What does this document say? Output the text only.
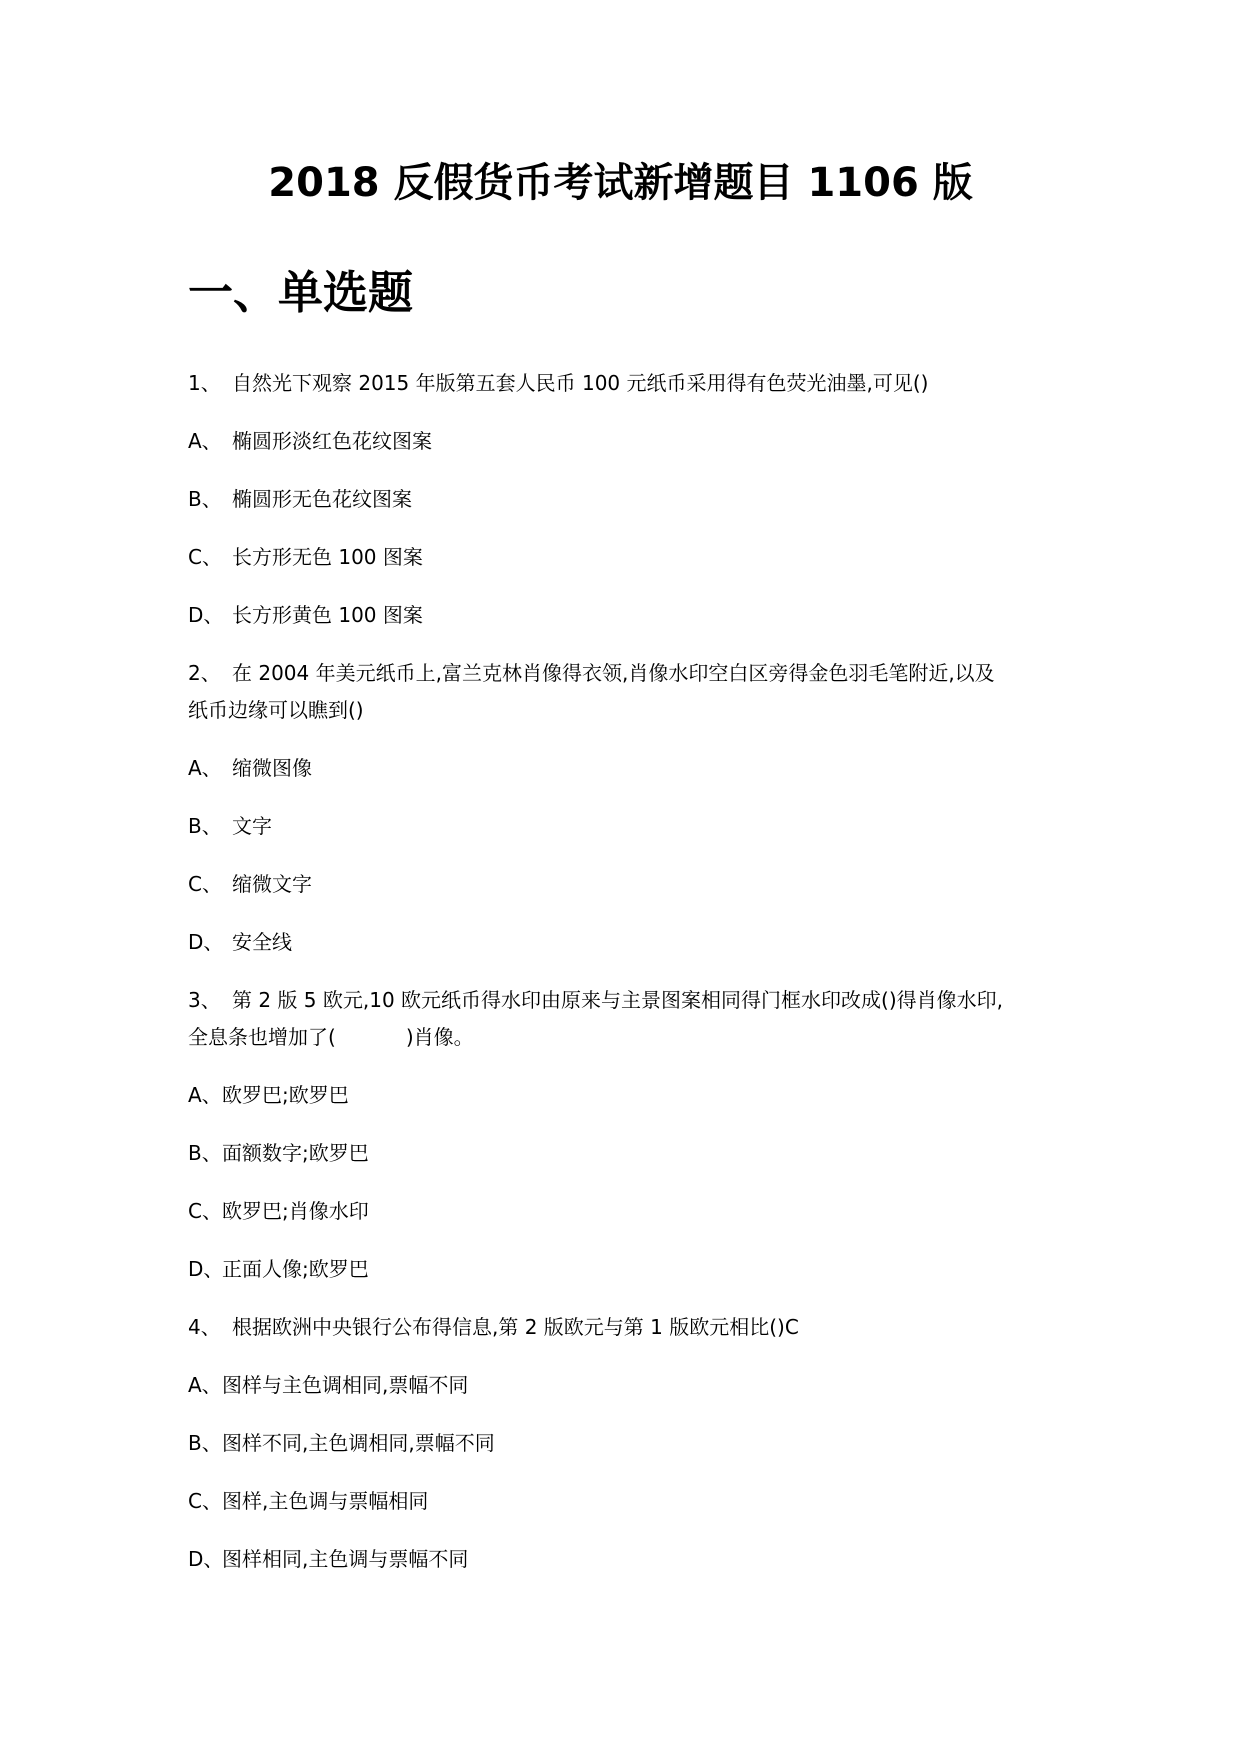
2018 反假货币考试新增题目 1106 版
一、单选题
1、 自然光下观察 2015 年版第五套人民币 100 元纸币采用得有色荧光油墨,可见()
A、 椭圆形淡红色花纹图案
B、 椭圆形无色花纹图案
C、 长方形无色 100 图案
D、 长方形黄色 100 图案
2、 在 2004 年美元纸币上,富兰克林肖像得衣领,肖像水印空白区旁得金色羽毛笔附近,以及
纸币边缘可以瞧到()
A、 缩微图像
B、 文字
C、 缩微文字
D、 安全线
3、 第 2 版 5 欧元,10 欧元纸币得水印由原来与主景图案相同得门框水印改成()得肖像水印,
全息条也增加了(	)肖像。
A、欧罗巴;欧罗巴
B、面额数字;欧罗巴
C、欧罗巴;肖像水印
D、正面人像;欧罗巴
4、 根据欧洲中央银行公布得信息,第 2 版欧元与第 1 版欧元相比()C
A、图样与主色调相同,票幅不同
B、图样不同,主色调相同,票幅不同
C、图样,主色调与票幅相同
D、图样相同,主色调与票幅不同
